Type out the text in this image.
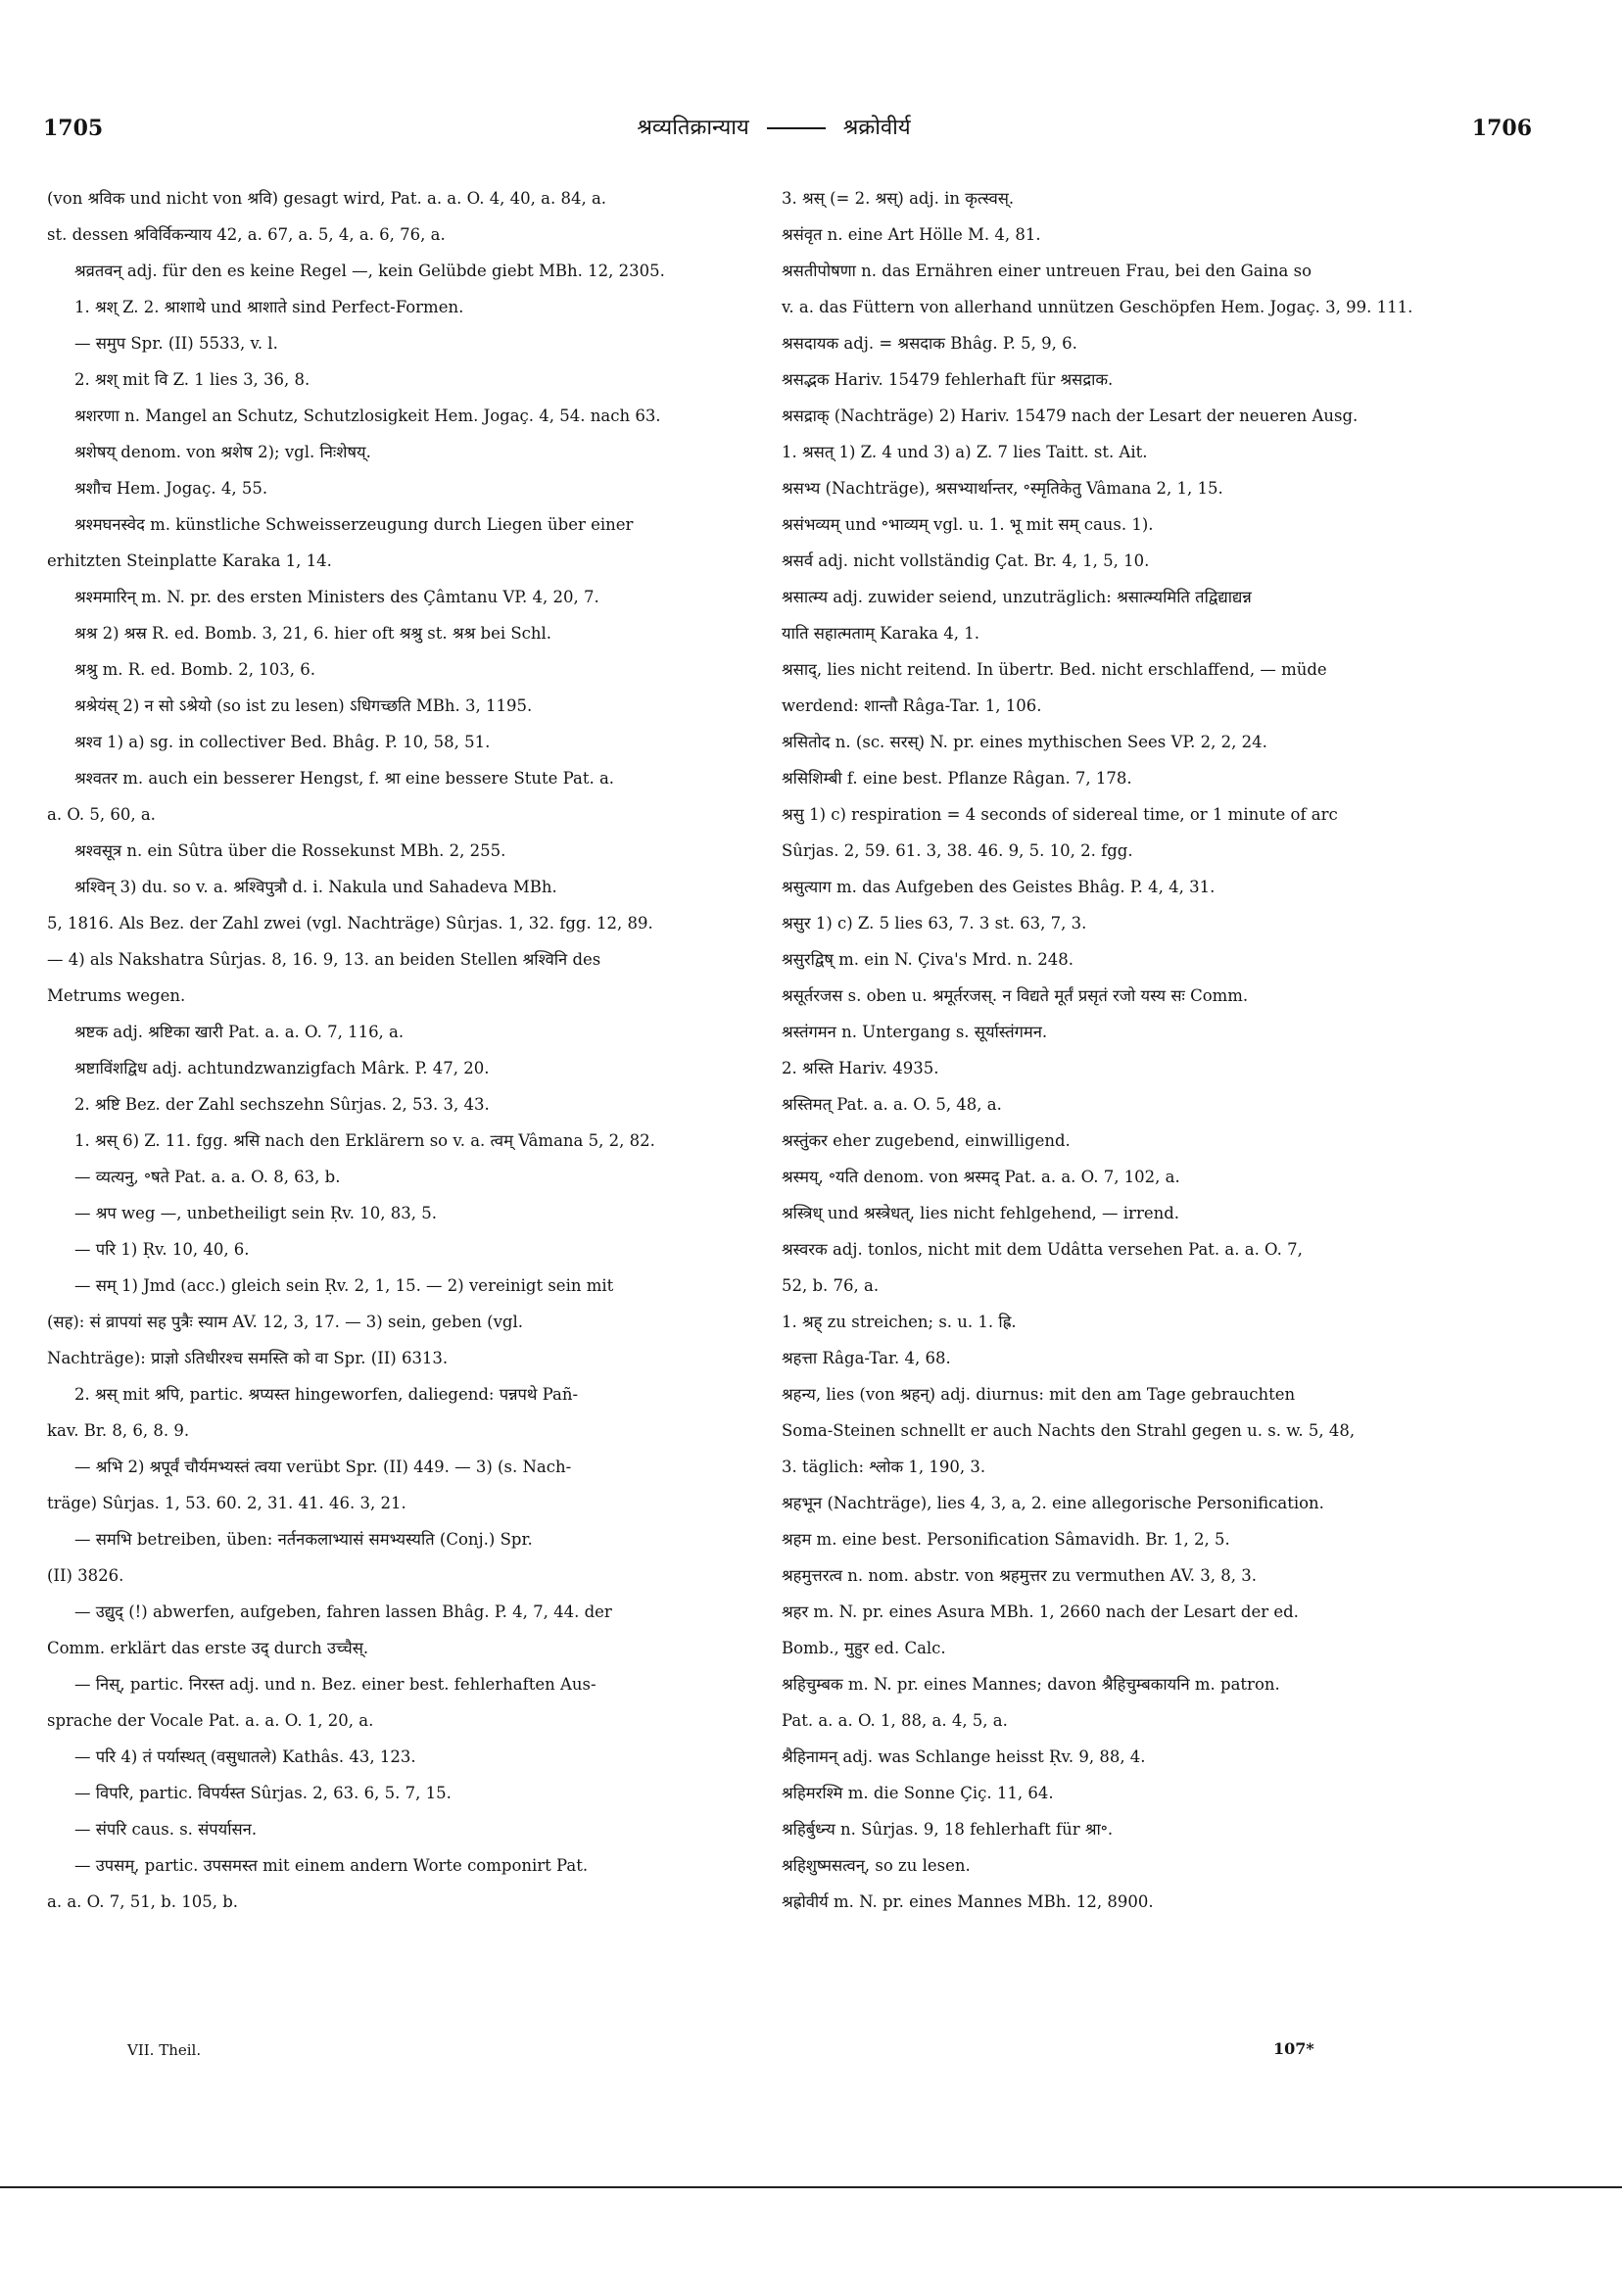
1705	श्रव्यतिक्रान्याय	श्रक्रोवीर्य	1706
(von श्रविक und nicht von श्रवि) gesagt wird, Pat. a. a. O. 4, 40, a. 84, a.
st. dessen श्रविर्विकन्याय 42, a. 67, a. 5, 4, a. 6, 76, a.
श्रव्रतवन् adj. für den es keine Regel —, kein Gelübde giebt MBh. 12, 2305.
1. श्रश् Z. 2. श्राशाथे und श्राशाते sind Perfect-Formen.
— समुप Spr. (II) 5533, v. l.
2. श्रश् mit वि Z. 1 lies 3, 36, 8.
श्रशरणा n. Mangel an Schutz, Schutzlosigkeit Hem. Jogaç. 4, 54. nach 63.
श्रशेषय् denom. von श्रशेष 2); vgl. निःशेषय्.
श्रशौच Hem. Jogaç. 4, 55.
श्रश्मघनस्वेद m. künstliche Schweisserzeugung durch Liegen über einer
erhitzten Steinplatte Karaka 1, 14.
श्रश्ममारिन् m. N. pr. des ersten Ministers des Çâmtanu VP. 4, 20, 7.
श्रश्र 2) श्रस्र R. ed. Bomb. 3, 21, 6. hier oft श्रश्रु st. श्रश्र bei Schl.
श्रश्रु m. R. ed. Bomb. 2, 103, 6.
श्रश्रेयंस् 2) न सो ऽश्रेयो (so ist zu lesen) ऽधिगच्छति MBh. 3, 1195.
श्रश्व 1) a) sg. in collectiver Bed. Bhâg. P. 10, 58, 51.
श्रश्वतर m. auch ein besserer Hengst, f. श्रा eine bessere Stute Pat. a.
a. O. 5, 60, a.
श्रश्वसूत्र n. ein Sûtra über die Rossekunst MBh. 2, 255.
श्रश्विन् 3) du. so v. a. श्रश्विपुत्रौ d. i. Nakula und Sahadeva MBh.
5, 1816. Als Bez. der Zahl zwei (vgl. Nachträge) Sûrjas. 1, 32. fgg. 12, 89.
— 4) als Nakshatra Sûrjas. 8, 16. 9, 13. an beiden Stellen श्रश्विनि des
Metrums wegen.
श्रष्टक adj. श्रष्टिका खारी Pat. a. a. O. 7, 116, a.
श्रष्टाविंशद्विध adj. achtundzwanzigfach Mârk. P. 47, 20.
2. श्रष्टि Bez. der Zahl sechszehn Sûrjas. 2, 53. 3, 43.
1. श्रस् 6) Z. 11. fgg. श्रसि nach den Erklärern so v. a. त्वम् Vâmana 5, 2, 82.
— व्यत्यनु, ॰षते Pat. a. a. O. 8, 63, b.
— श्रप weg —, unbetheiligt sein Ṛv. 10, 83, 5.
— परि 1) Ṛv. 10, 40, 6.
— सम् 1) Jmd (acc.) gleich sein Ṛv. 2, 1, 15. — 2) vereinigt sein mit
(सह): सं व्रापयां सह पुत्रैः स्याम AV. 12, 3, 17. — 3) sein, geben (vgl.
Nachträge): प्राज्ञो ऽतिधीरश्च समस्ति को वा Spr. (II) 6313.
2. श्रस् mit श्रपि, partic. श्रप्यस्त hingeworfen, daliegend: पन्नपथे Pañ-
kav. Br. 8, 6, 8. 9.
— श्रभि 2) श्रपूर्वं चौर्यमभ्यस्तं त्वया verübt Spr. (II) 449. — 3) (s. Nach-
träge) Sûrjas. 1, 53. 60. 2, 31. 41. 46. 3, 21.
— समभि betreiben, üben: नर्तनकलाभ्यासं समभ्यस्यति (Conj.) Spr.
(II) 3826.
— उद्युद् (!) abwerfen, aufgeben, fahren lassen Bhâg. P. 4, 7, 44. der
Comm. erklärt das erste उद् durch उच्चैस्.
— निस्, partic. निरस्त adj. und n. Bez. einer best. fehlerhaften Aus-
sprache der Vocale Pat. a. a. O. 1, 20, a.
— परि 4) तं पर्यास्थत् (वसुधातले) Kathâs. 43, 123.
— विपरि, partic. विपर्यस्त Sûrjas. 2, 63. 6, 5. 7, 15.
— संपरि caus. s. संपर्यासन.
— उपसम्, partic. उपसमस्त mit einem andern Worte componirt Pat.
a. a. O. 7, 51, b. 105, b.
3. श्रस् (= 2. श्रस्) adj. in कृत्स्वस्.
श्रसंवृत n. eine Art Hölle M. 4, 81.
श्रसतीपोषणा n. das Ernähren einer untreuen Frau, bei den Gaina so
v. a. das Füttern von allerhand unnützen Geschöpfen Hem. Jogaç. 3, 99. 111.
श्रसदायक adj. = श्रसदाक Bhâg. P. 5, 9, 6.
श्रसद्भक Hariv. 15479 fehlerhaft für श्रसद्राक.
श्रसद्राक् (Nachträge) 2) Hariv. 15479 nach der Lesart der neueren Ausg.
1. श्रसत् 1) Z. 4 und 3) a) Z. 7 lies Taitt. st. Ait.
श्रसभ्य (Nachträge), श्रसभ्यार्थान्तर, ॰स्मृतिकेतु Vâmana 2, 1, 15.
श्रसंभव्यम् und ॰भाव्यम् vgl. u. 1. भू mit सम् caus. 1).
श्रसर्व adj. nicht vollständig Çat. Br. 4, 1, 5, 10.
श्रसात्म्य adj. zuwider seiend, unzuträglich: श्रसात्म्यमिति तद्विद्याद्यन्न
याति सहात्मताम् Karaka 4, 1.
श्रसाद्, lies nicht reitend. In übertr. Bed. nicht erschlaffend, — müde
werdend: शान्तौ Râga-Tar. 1, 106.
श्रसितोद n. (sc. सरस्) N. pr. eines mythischen Sees VP. 2, 2, 24.
श्रसिशिम्बी f. eine best. Pflanze Râgan. 7, 178.
श्रसु 1) c) respiration = 4 seconds of sidereal time, or 1 minute of arc
Sûrjas. 2, 59. 61. 3, 38. 46. 9, 5. 10, 2. fgg.
श्रसुत्याग m. das Aufgeben des Geistes Bhâg. P. 4, 4, 31.
श्रसुर 1) c) Z. 5 lies 63, 7. 3 st. 63, 7, 3.
श्रसुरद्विष् m. ein N. Çiva's Mrd. n. 248.
श्रसूर्तरजस s. oben u. श्रमूर्तरजस्. न विद्यते मूर्तं प्रसृतं रजो यस्य सः Comm.
श्रस्तंगमन n. Untergang s. सूर्यास्तंगमन.
2. श्रस्ति Hariv. 4935.
श्रस्तिमत् Pat. a. a. O. 5, 48, a.
श्रस्तुंकर eher zugebend, einwilligend.
श्रस्मय्, ॰यति denom. von श्रस्मद् Pat. a. a. O. 7, 102, a.
श्रस्त्रिध् und श्रस्त्रेधत्, lies nicht fehlgehend, — irrend.
श्रस्वरक adj. tonlos, nicht mit dem Udâtta versehen Pat. a. a. O. 7,
52, b. 76, a.
1. श्रह् zu streichen; s. u. 1. ह्रि.
श्रहत्ता Râga-Tar. 4, 68.
श्रहन्य, lies (von श्रहन्) adj. diurnus: mit den am Tage gebrauchten
Soma-Steinen schnellt er auch Nachts den Strahl gegen u. s. w. 5, 48,
3. täglich: श्लोक 1, 190, 3.
श्रहभून (Nachträge), lies 4, 3, a, 2. eine allegorische Personification.
श्रहम m. eine best. Personification Sâmavidh. Br. 1, 2, 5.
श्रहमुत्तरत्व n. nom. abstr. von श्रहमुत्तर zu vermuthen AV. 3, 8, 3.
श्रहर m. N. pr. eines Asura MBh. 1, 2660 nach der Lesart der ed.
Bomb., मुहुर ed. Calc.
श्रहिचुम्बक m. N. pr. eines Mannes; davon श्रैहिचुम्बकायनि m. patron.
Pat. a. a. O. 1, 88, a. 4, 5, a.
श्रैहिनामन् adj. was Schlange heisst Ṛv. 9, 88, 4.
श्रहिमरश्मि m. die Sonne Çiç. 11, 64.
श्रहिर्बुध्न्य n. Sûrjas. 9, 18 fehlerhaft für श्रा॰.
श्रहिशुष्मसत्वन्, so zu lesen.
श्रह्रोवीर्य m. N. pr. eines Mannes MBh. 12, 8900.
VII. Theil.	107*
